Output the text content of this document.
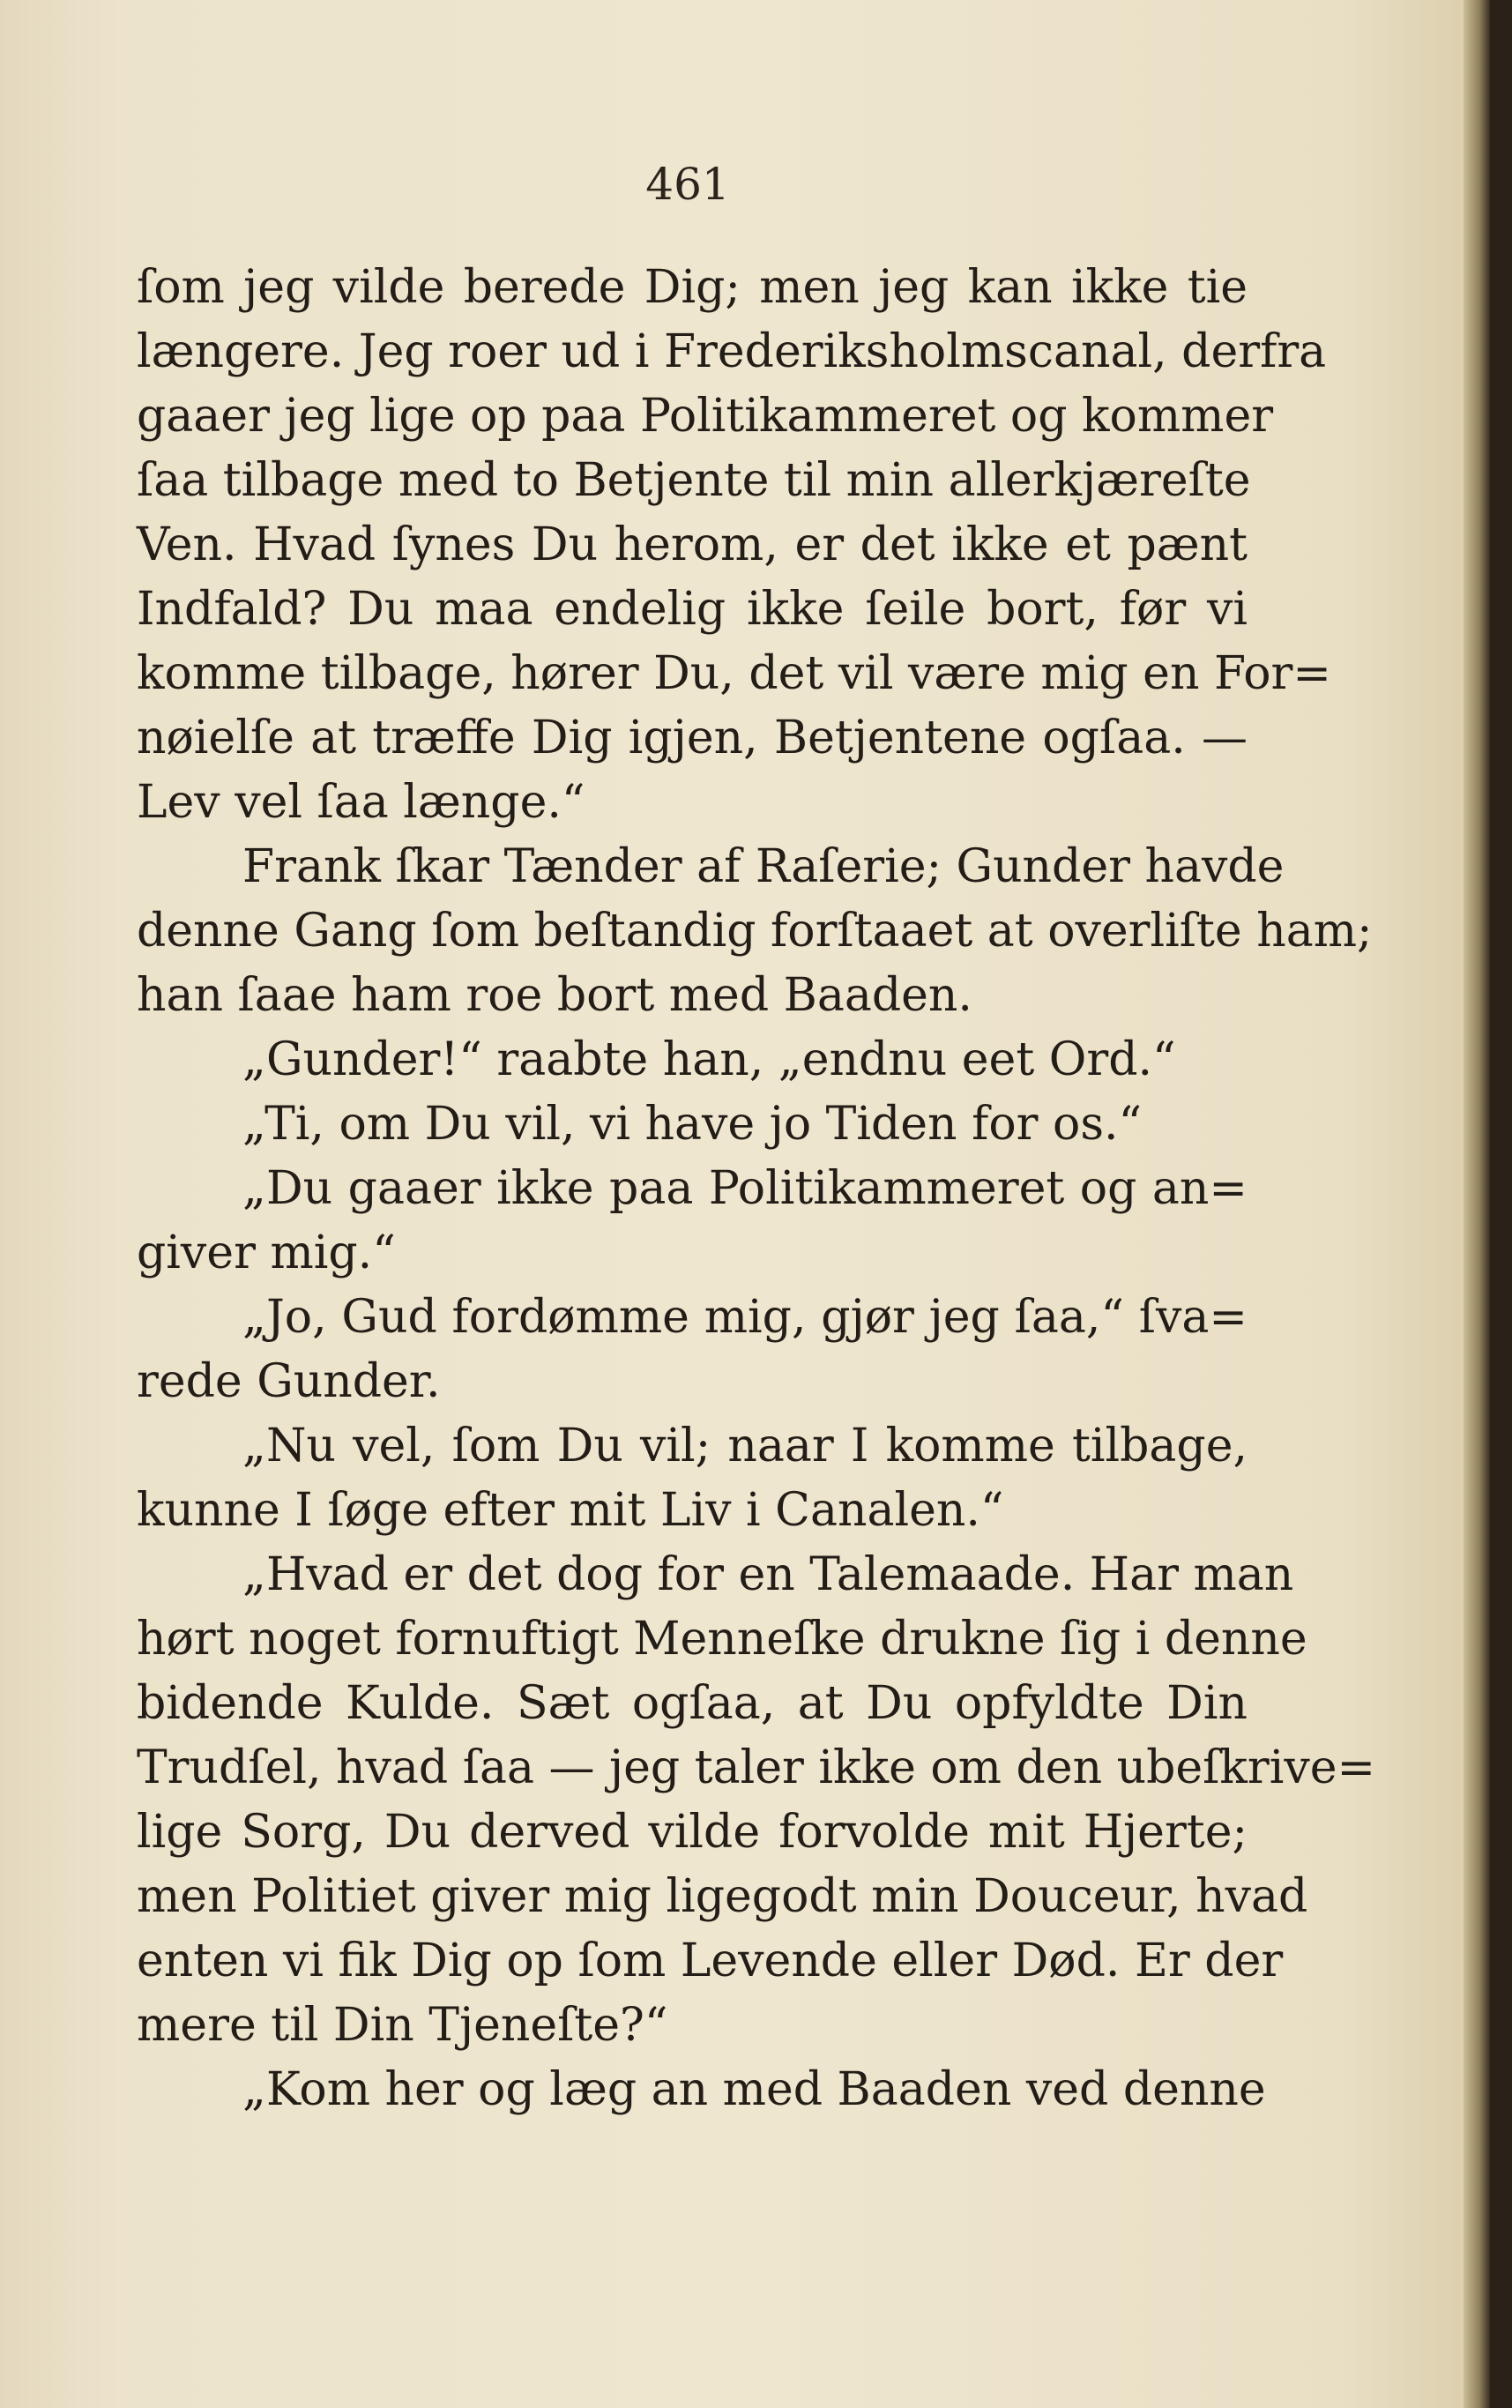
461
ſom jeg vilde berede Dig; men jeg kan ikke tie
længere. Jeg roer ud i Frederiksholmscanal, derfra
gaaer jeg lige op paa Politikammeret og kommer
ſaa tilbage med to Betjente til min allerkjæreſte
Ven. Hvad ſynes Du herom, er det ikke et pænt
Indfald? Du maa endelig ikke ſeile bort, før vi
komme tilbage, hører Du, det vil være mig en For=
nøielſe at træffe Dig igjen, Betjentene ogſaa. —
Lev vel ſaa længe.“
Frank ſkar Tænder af Raſerie; Gunder havde
denne Gang ſom beſtandig forſtaaet at overliſte ham;
han ſaae ham roe bort med Baaden.
„Gunder!“ raabte han, „endnu eet Ord.“
„Ti, om Du vil, vi have jo Tiden for os.“
„Du gaaer ikke paa Politikammeret og an=
giver mig.“
„Jo, Gud fordømme mig, gjør jeg ſaa,“ ſva=
rede Gunder.
„Nu vel, ſom Du vil; naar I komme tilbage,
kunne I ſøge efter mit Liv i Canalen.“
„Hvad er det dog for en Talemaade. Har man
hørt noget fornuftigt Menneſke drukne ſig i denne
bidende Kulde. Sæt ogſaa, at Du opfyldte Din
Trudſel, hvad ſaa — jeg taler ikke om den ubeſkrive=
lige Sorg, Du derved vilde forvolde mit Hjerte;
men Politiet giver mig ligegodt min Douceur, hvad
enten vi fik Dig op ſom Levende eller Død. Er der
mere til Din Tjeneſte?“
„Kom her og læg an med Baaden ved denne
